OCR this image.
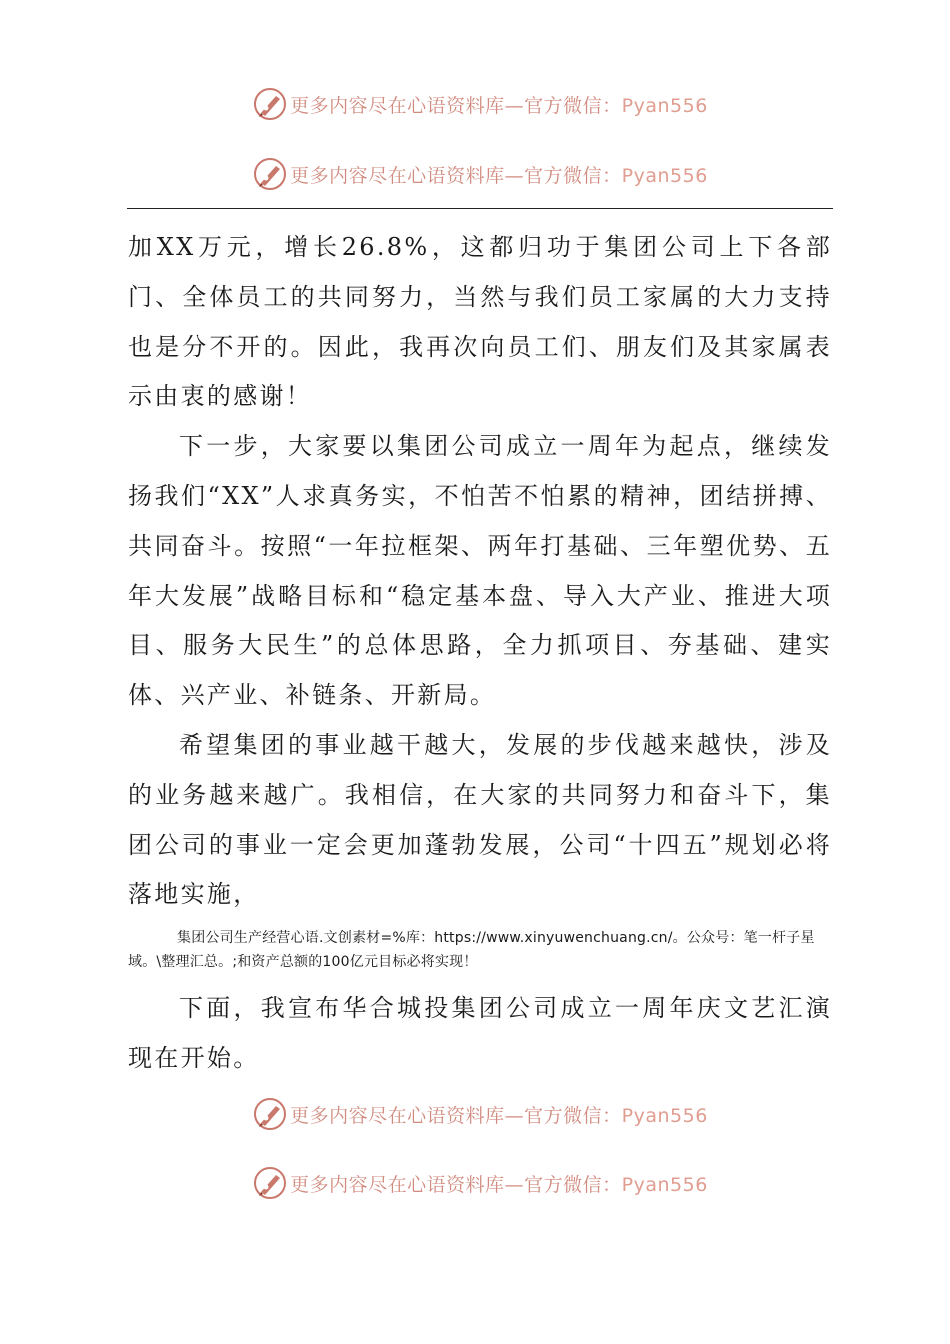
更多内容尽在心语资料库—官方微信：Pyan556
更多内容尽在心语资料库—官方微信：Pyan556

加XX万元，增长26.8%，这都归功于集团公司上下各部门、全体员工的共同努力，当然与我们员工家属的大力支持也是分不开的。因此，我再次向员工们、朋友们及其家属表示由衷的感谢！

下一步，大家要以集团公司成立一周年为起点，继续发扬我们“XX”人求真务实，不怕苦不怕累的精神，团结拼搏、共同奋斗。按照“一年拉框架、两年打基础、三年塑优势、五年大发展”战略目标和“稳定基本盘、导入大产业、推进大项目、服务大民生”的总体思路，全力抓项目、夯基础、建实体、兴产业、补链条、开新局。

希望集团的事业越干越大，发展的步伐越来越快，涉及的业务越来越广。我相信，在大家的共同努力和奋斗下，集团公司的事业一定会更加蓬勃发展，公司“十四五”规划必将落地实施，

集团公司生产经营心语.文创素材=%库：https://www.xinyuwenchuang.cn/。公众号：笔一杆子星域。\整理汇总。;和资产总额的100亿元目标必将实现！

下面，我宣布华合城投集团公司成立一周年庆文艺汇演现在开始。

更多内容尽在心语资料库—官方微信：Pyan556
更多内容尽在心语资料库—官方微信：Pyan556
